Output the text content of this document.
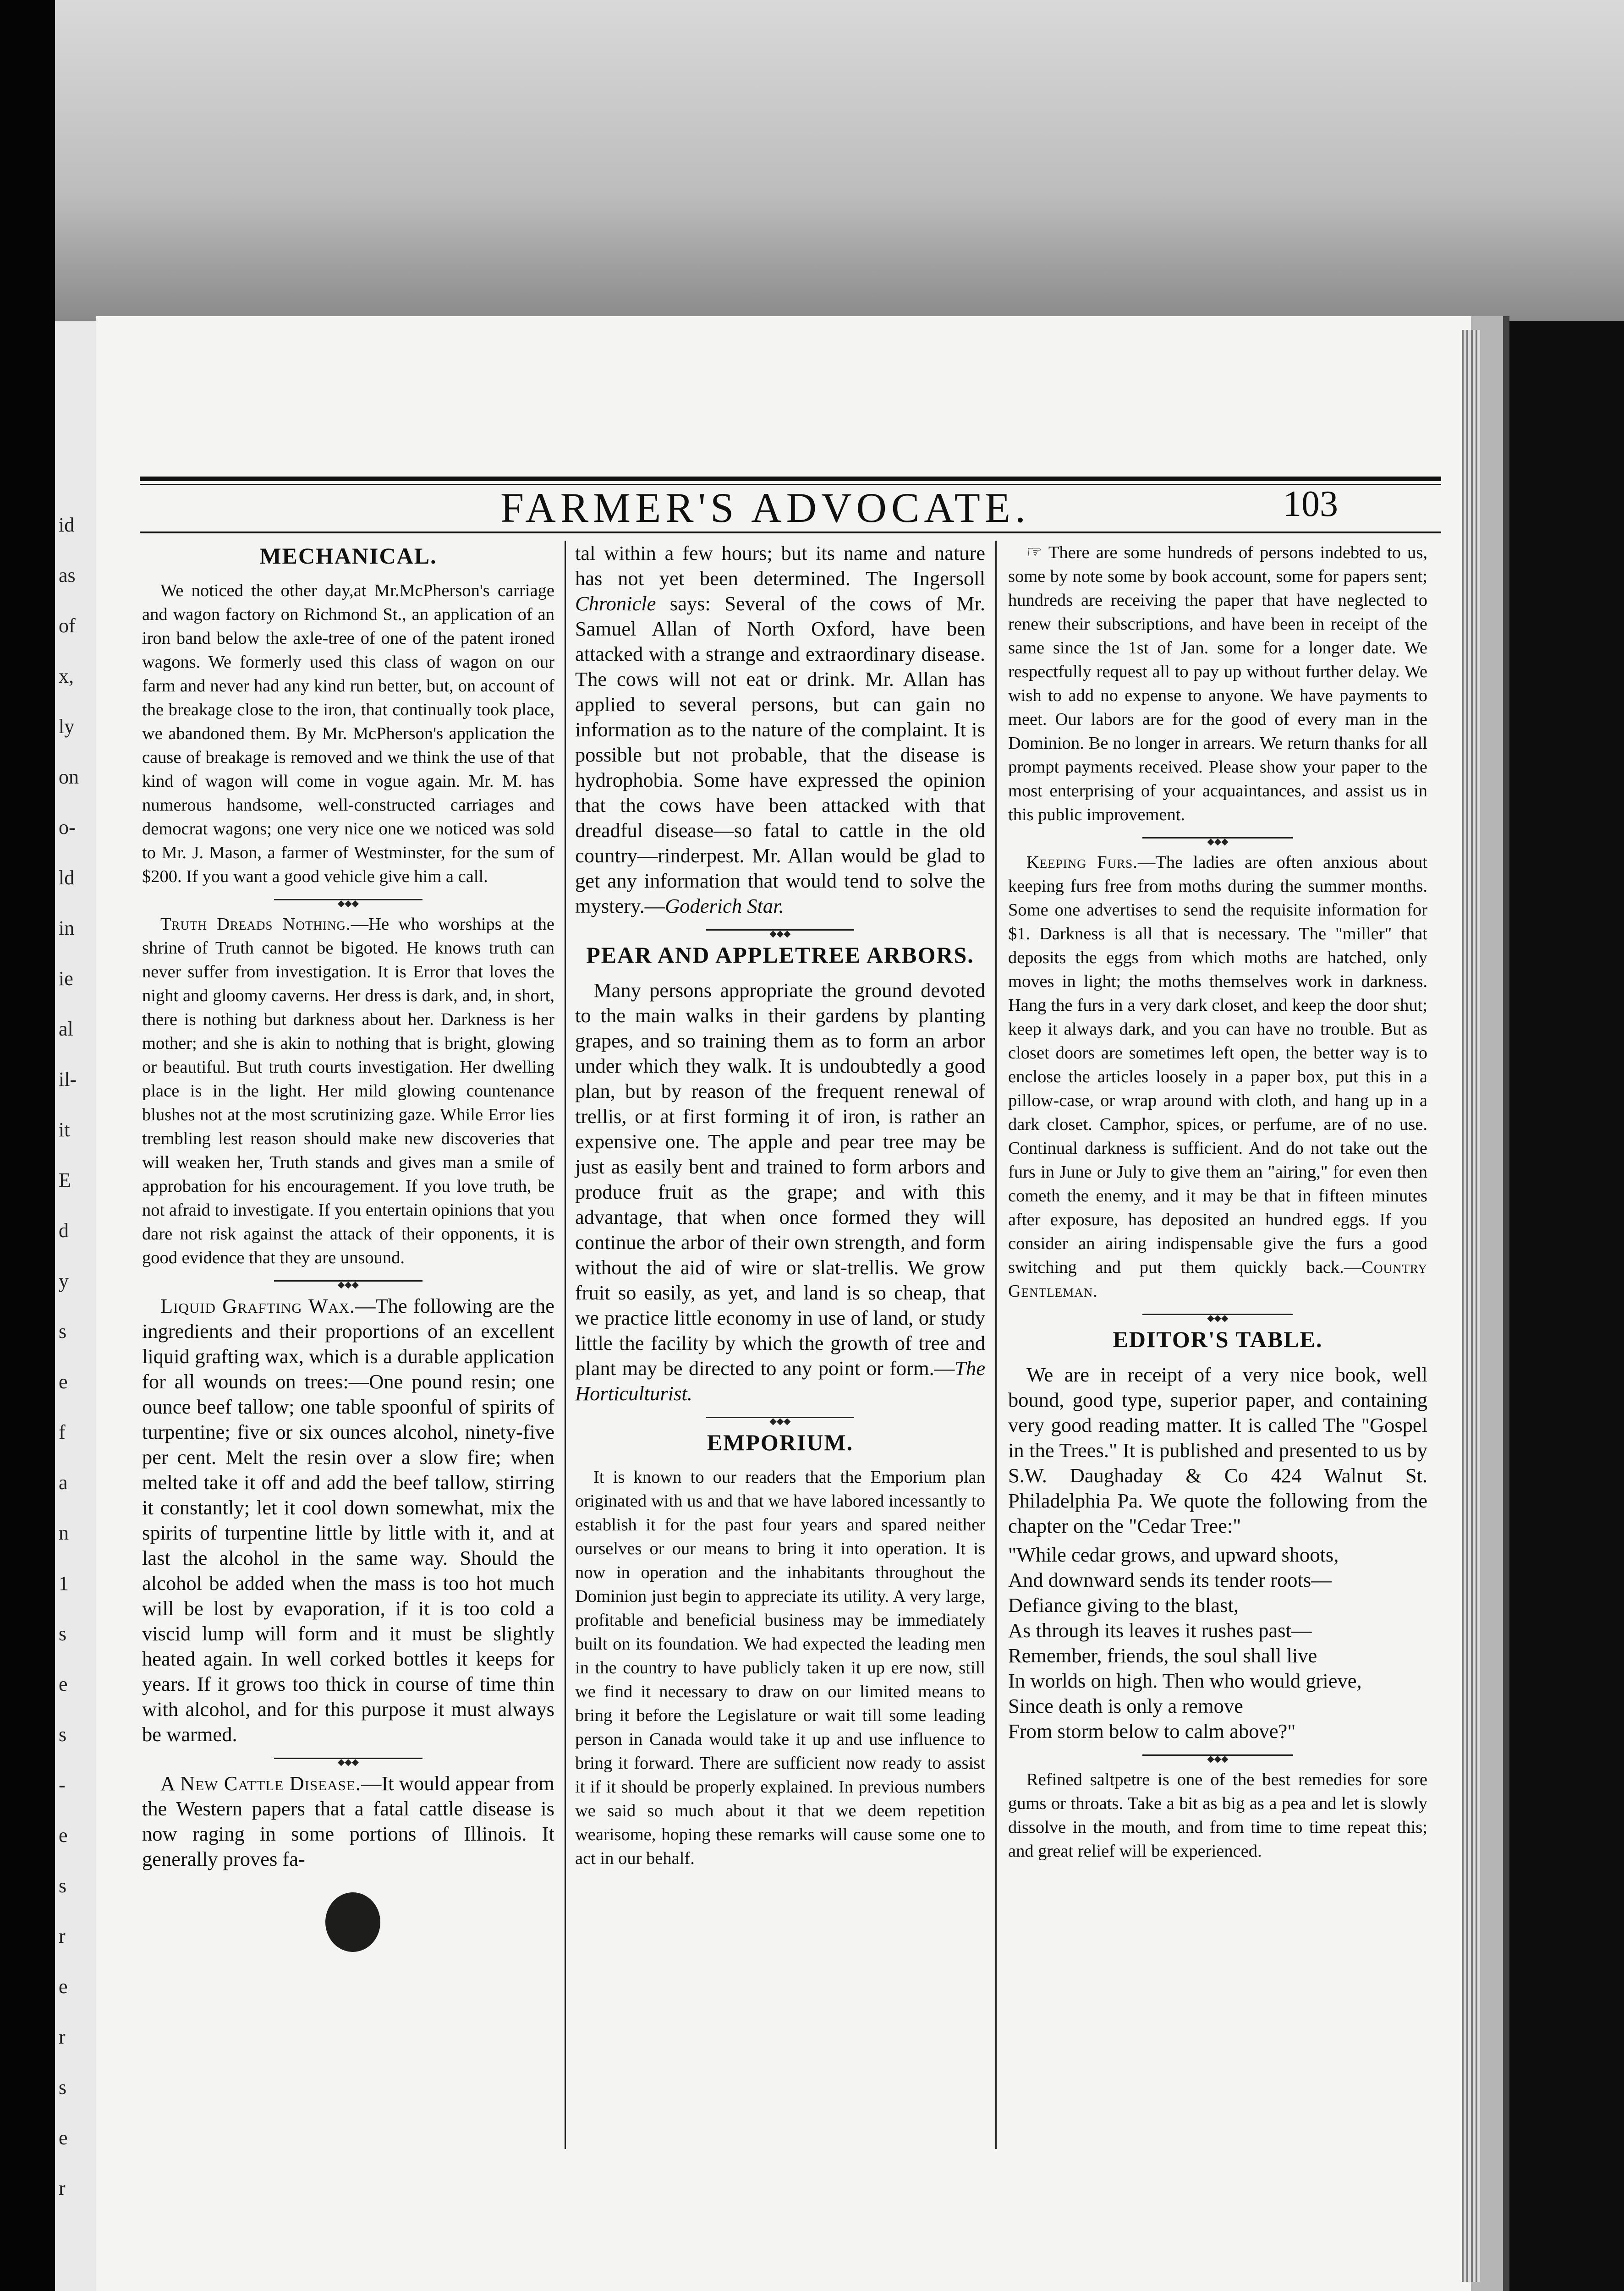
id
as
of
x,
ly
on
o-
ld
in
ie
al
il-
it
E
d
y
s
e
f
a
n
1
s
e
s
-
e
s
r
e
r
s
e
r
FARMER'S ADVOCATE.	103
MECHANICAL.

We noticed the other day,at Mr.McPherson's carriage and wagon factory on Richmond St., an application of an iron band below the axle-tree of one of the patent ironed wagons. We formerly used this class of wagon on our farm and never had any kind run better, but, on account of the breakage close to the iron, that continually took place, we abandoned them. By Mr. McPherson's application the cause of breakage is removed and we think the use of that kind of wagon will come in vogue again. Mr. M. has numerous handsome, well-constructed carriages and democrat wagons; one very nice one we noticed was sold to Mr. J. Mason, a farmer of Westminster, for the sum of $200. If you want a good vehicle give him a call.

◆◆◆

Truth Dreads Nothing.—He who worships at the shrine of Truth cannot be bigoted. He knows truth can never suffer from investigation. It is Error that loves the night and gloomy caverns. Her dress is dark, and, in short, there is nothing but darkness about her. Darkness is her mother; and she is akin to nothing that is bright, glowing or beautiful. But truth courts investigation. Her dwelling place is in the light. Her mild glowing countenance blushes not at the most scrutinizing gaze. While Error lies trembling lest reason should make new discoveries that will weaken her, Truth stands and gives man a smile of approbation for his encouragement. If you love truth, be not afraid to investigate. If you entertain opinions that you dare not risk against the attack of their opponents, it is good evidence that they are unsound.

◆◆◆

Liquid Grafting Wax.—The following are the ingredients and their proportions of an excellent liquid grafting wax, which is a durable application for all wounds on trees:—One pound resin; one ounce beef tallow; one table spoonful of spirits of turpentine; five or six ounces alcohol, ninety-five per cent. Melt the resin over a slow fire; when melted take it off and add the beef tallow, stirring it constantly; let it cool down somewhat, mix the spirits of turpentine little by little with it, and at last the alcohol in the same way. Should the alcohol be added when the mass is too hot much will be lost by evaporation, if it is too cold a viscid lump will form and it must be slightly heated again. In well corked bottles it keeps for years. If it grows too thick in course of time thin with alcohol, and for this purpose it must always be warmed.

◆◆◆

A New Cattle Disease.—It would appear from the Western papers that a fatal cattle disease is now raging in some portions of Illinois. It generally proves fa-

tal within a few hours; but its name and nature has not yet been determined. The Ingersoll Chronicle says: Several of the cows of Mr. Samuel Allan of North Oxford, have been attacked with a strange and extraordinary disease. The cows will not eat or drink. Mr. Allan has applied to several persons, but can gain no information as to the nature of the complaint. It is possible but not probable, that the disease is hydrophobia. Some have expressed the opinion that the cows have been attacked with that dreadful disease—so fatal to cattle in the old country—rinderpest. Mr. Allan would be glad to get any information that would tend to solve the mystery.—Goderich Star.

◆◆◆
PEAR AND APPLETREE ARBORS.

Many persons appropriate the ground devoted to the main walks in their gardens by planting grapes, and so training them as to form an arbor under which they walk. It is undoubtedly a good plan, but by reason of the frequent renewal of trellis, or at first forming it of iron, is rather an expensive one. The apple and pear tree may be just as easily bent and trained to form arbors and produce fruit as the grape; and with this advantage, that when once formed they will continue the arbor of their own strength, and form without the aid of wire or slat-trellis. We grow fruit so easily, as yet, and land is so cheap, that we practice little economy in use of land, or study little the facility by which the growth of tree and plant may be directed to any point or form.—The Horticulturist.

◆◆◆
EMPORIUM.

It is known to our readers that the Emporium plan originated with us and that we have labored incessantly to establish it for the past four years and spared neither ourselves or our means to bring it into operation. It is now in operation and the inhabitants throughout the Dominion just begin to appreciate its utility. A very large, profitable and beneficial business may be immediately built on its foundation. We had expected the leading men in the country to have publicly taken it up ere now, still we find it necessary to draw on our limited means to bring it before the Legislature or wait till some leading person in Canada would take it up and use influence to bring it forward. There are sufficient now ready to assist it if it should be properly explained. In previous numbers we said so much about it that we deem repetition wearisome, hoping these remarks will cause some one to act in our behalf.

☞ There are some hundreds of persons indebted to us, some by note some by book account, some for papers sent; hundreds are receiving the paper that have neglected to renew their subscriptions, and have been in receipt of the same since the 1st of Jan. some for a longer date. We respectfully request all to pay up without further delay. We wish to add no expense to anyone. We have payments to meet. Our labors are for the good of every man in the Dominion. Be no longer in arrears. We return thanks for all prompt payments received. Please show your paper to the most enterprising of your acquaintances, and assist us in this public improvement.

◆◆◆

Keeping Furs.—The ladies are often anxious about keeping furs free from moths during the summer months. Some one advertises to send the requisite information for $1. Darkness is all that is necessary. The "miller" that deposits the eggs from which moths are hatched, only moves in light; the moths themselves work in darkness. Hang the furs in a very dark closet, and keep the door shut; keep it always dark, and you can have no trouble. But as closet doors are sometimes left open, the better way is to enclose the articles loosely in a paper box, put this in a pillow-case, or wrap around with cloth, and hang up in a dark closet. Camphor, spices, or perfume, are of no use. Continual darkness is sufficient. And do not take out the furs in June or July to give them an "airing," for even then cometh the enemy, and it may be that in fifteen minutes after exposure, has deposited an hundred eggs. If you consider an airing indispensable give the furs a good switching and put them quickly back.—Country Gentleman.

◆◆◆
EDITOR'S TABLE.

We are in receipt of a very nice book, well bound, good type, superior paper, and containing very good reading matter. It is called The "Gospel in the Trees." It is published and presented to us by S.W. Daughaday & Co 424 Walnut St. Philadelphia Pa. We quote the following from the chapter on the "Cedar Tree:"

"While cedar grows, and upward shoots,
And downward sends its tender roots—
Defiance giving to the blast,
As through its leaves it rushes past—
Remember, friends, the soul shall live
In worlds on high. Then who would grieve,
Since death is only a remove
From storm below to calm above?"
◆◆◆

Refined saltpetre is one of the best remedies for sore gums or throats. Take a bit as big as a pea and let is slowly dissolve in the mouth, and from time to time repeat this; and great relief will be experienced.
